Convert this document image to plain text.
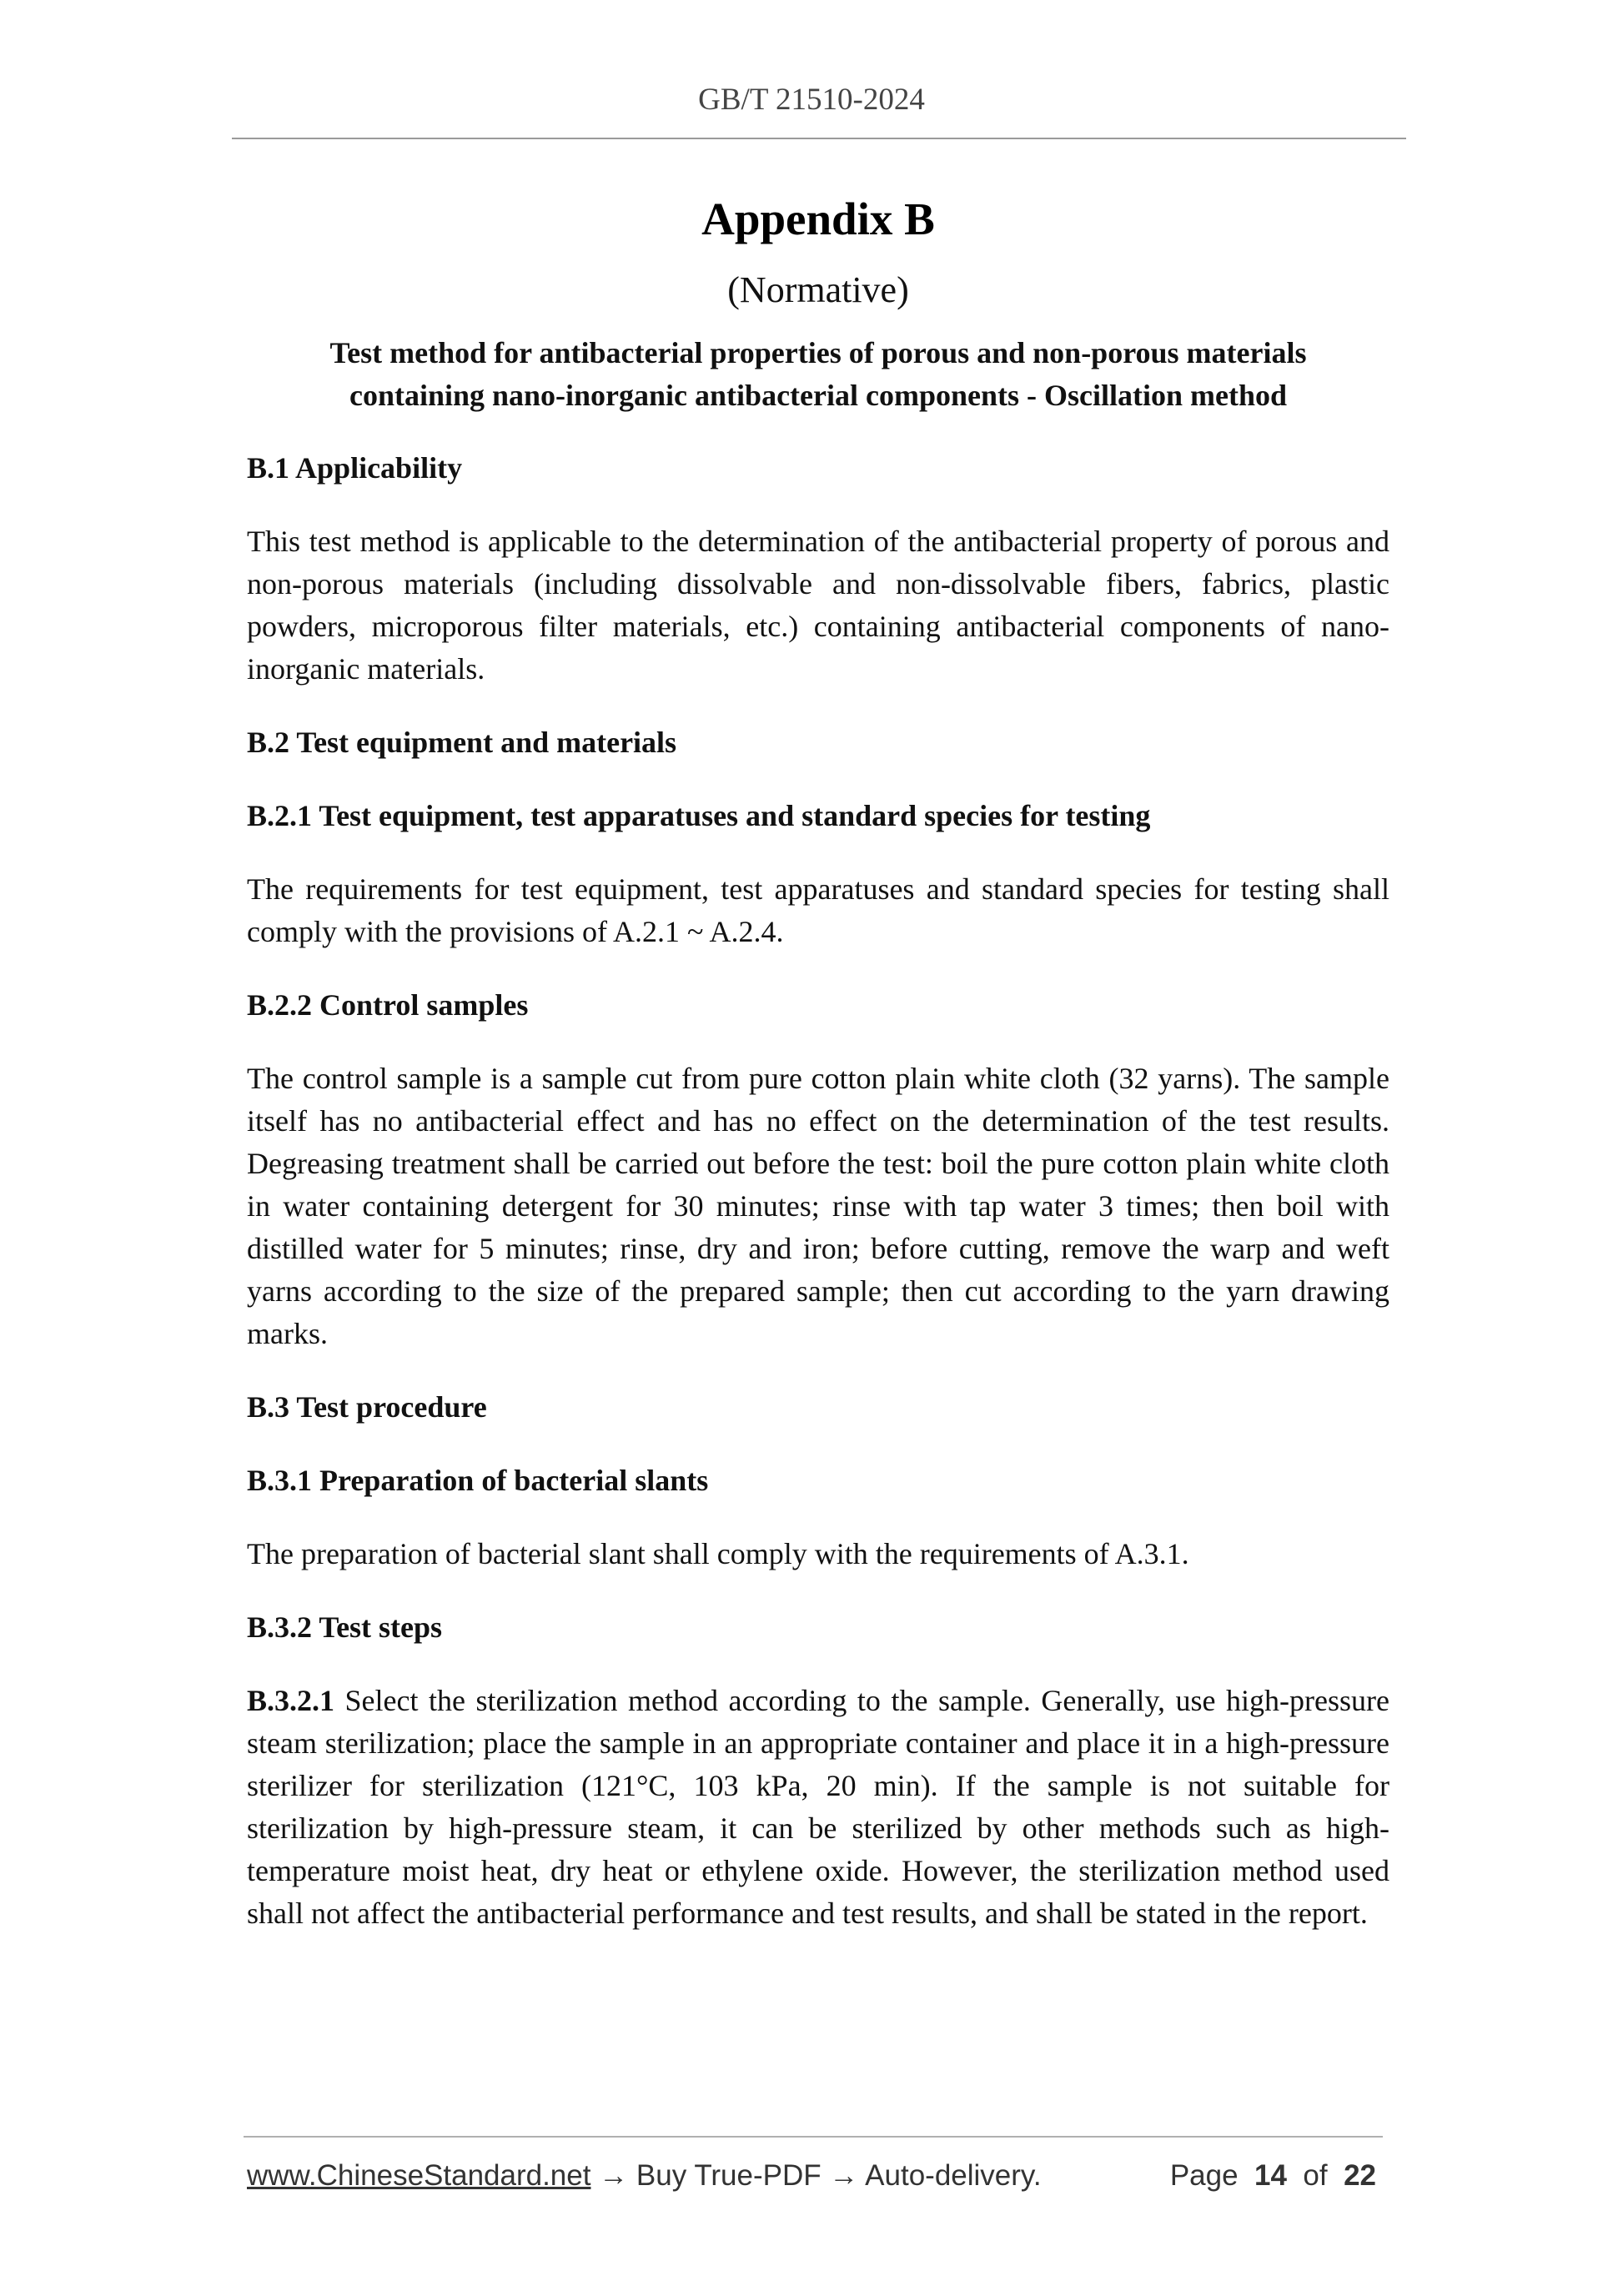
GB/T 21510-2024
Appendix B
(Normative)
Test method for antibacterial properties of porous and non-porous materials
containing nano-inorganic antibacterial components - Oscillation method
B.1 Applicability
This test method is applicable to the determination of the antibacterial property of porous and non-porous materials (including dissolvable and non-dissolvable fibers, fabrics, plastic powders, microporous filter materials, etc.) containing antibacterial components of nano-inorganic materials.
B.2 Test equipment and materials
B.2.1 Test equipment, test apparatuses and standard species for testing
The requirements for test equipment, test apparatuses and standard species for testing shall comply with the provisions of A.2.1 ~ A.2.4.
B.2.2 Control samples
The control sample is a sample cut from pure cotton plain white cloth (32 yarns). The sample itself has no antibacterial effect and has no effect on the determination of the test results. Degreasing treatment shall be carried out before the test: boil the pure cotton plain white cloth in water containing detergent for 30 minutes; rinse with tap water 3 times; then boil with distilled water for 5 minutes; rinse, dry and iron; before cutting, remove the warp and weft yarns according to the size of the prepared sample; then cut according to the yarn drawing marks.
B.3 Test procedure
B.3.1 Preparation of bacterial slants
The preparation of bacterial slant shall comply with the requirements of A.3.1.
B.3.2 Test steps
B.3.2.1 Select the sterilization method according to the sample. Generally, use high-pressure steam sterilization; place the sample in an appropriate container and place it in a high-pressure sterilizer for sterilization (121°C, 103 kPa, 20 min). If the sample is not suitable for sterilization by high-pressure steam, it can be sterilized by other methods such as high-temperature moist heat, dry heat or ethylene oxide. However, the sterilization method used shall not affect the antibacterial performance and test results, and shall be stated in the report.
www.ChineseStandard.net → Buy True-PDF → Auto-delivery.	Page 14 of 22
